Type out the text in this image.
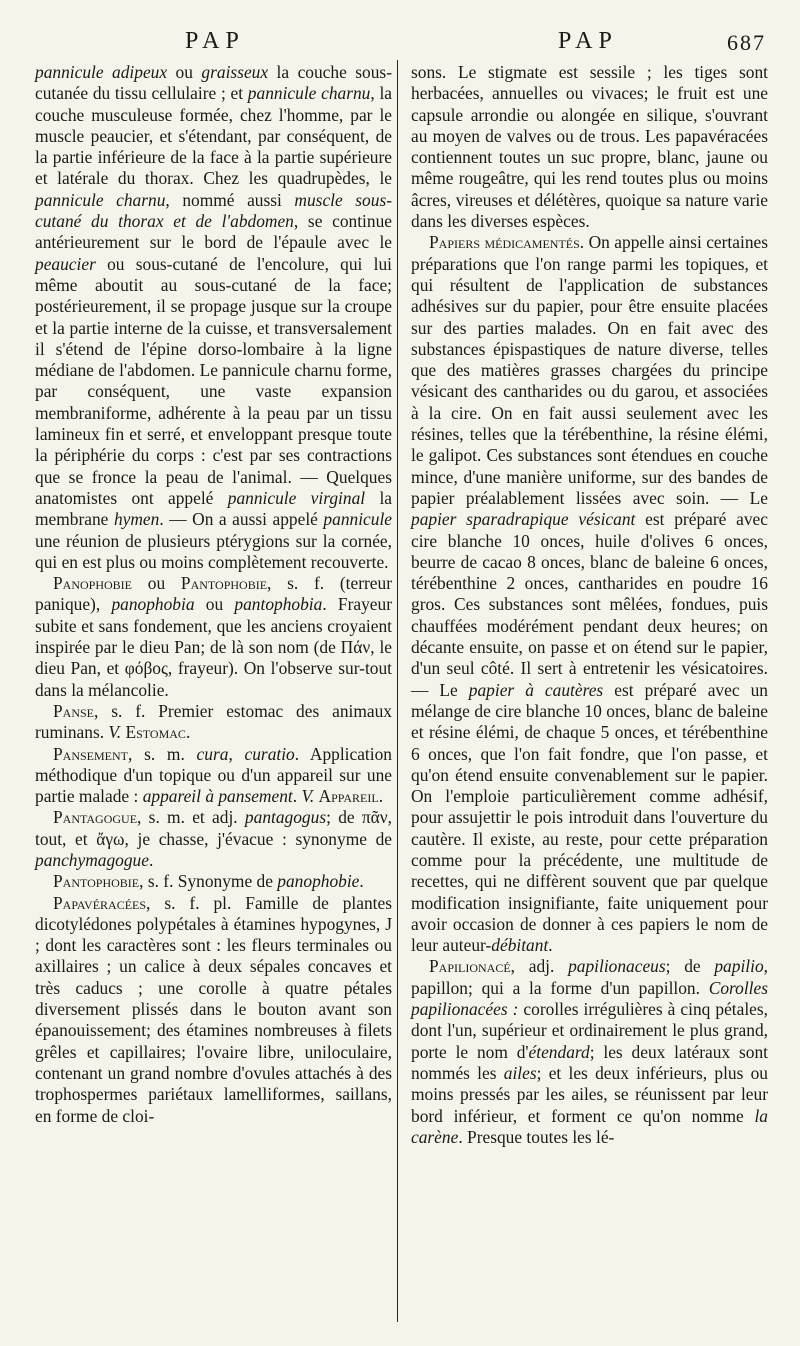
PAP	PAP	687

pannicule adipeux ou graisseux la couche sous-cutanée du tissu cellulaire ; et pannicule charnu, la couche musculeuse formée, chez l'homme, par le muscle peaucier, et s'étendant, par conséquent, de la partie inférieure de la face à la partie supérieure et latérale du thorax. Chez les quadrupèdes, le pannicule charnu, nommé aussi muscle sous-cutané du thorax et de l'abdomen, se continue antérieurement sur le bord de l'épaule avec le peaucier ou sous-cutané de l'encolure, qui lui même aboutit au sous-cutané de la face; postérieurement, il se propage jusque sur la croupe et la partie interne de la cuisse, et transversalement il s'étend de l'épine dorso-lombaire à la ligne médiane de l'abdomen. Le pannicule charnu forme, par conséquent, une vaste expansion membraniforme, adhérente à la peau par un tissu lamineux fin et serré, et enveloppant presque toute la périphérie du corps : c'est par ses contractions que se fronce la peau de l'animal. — Quelques anatomistes ont appelé pannicule virginal la membrane hymen. — On a aussi appelé pannicule une réunion de plusieurs ptérygions sur la cornée, qui en est plus ou moins complètement recouverte.

Panophobie ou Pantophobie, s. f. (terreur panique), panophobia ou pantophobia. Frayeur subite et sans fondement, que les anciens croyaient inspirée par le dieu Pan; de là son nom (de Πάν, le dieu Pan, et φόβος, frayeur). On l'observe sur-tout dans la mélancolie.

Panse, s. f. Premier estomac des animaux ruminans. V. Estomac.

Pansement, s. m. cura, curatio. Application méthodique d'un topique ou d'un appareil sur une partie malade : appareil à pansement. V. Appareil.

Pantagogue, s. m. et adj. pantagogus; de πᾶν, tout, et ἄγω, je chasse, j'évacue : synonyme de panchymagogue.

Pantophobie, s. f. Synonyme de panophobie.

Papavéracées, s. f. pl. Famille de plantes dicotylédones polypétales à étamines hypogynes, J ; dont les caractères sont : les fleurs terminales ou axillaires ; un calice à deux sépales concaves et très caducs ; une corolle à quatre pétales diversement plissés dans le bouton avant son épanouissement; des étamines nombreuses à filets grêles et capillaires; l'ovaire libre, uniloculaire, contenant un grand nombre d'ovules attachés à des trophospermes pariétaux lamelliformes, saillans, en forme de cloi-

sons. Le stigmate est sessile ; les tiges sont herbacées, annuelles ou vivaces; le fruit est une capsule arrondie ou alongée en silique, s'ouvrant au moyen de valves ou de trous. Les papavéracées contiennent toutes un suc propre, blanc, jaune ou même rougeâtre, qui les rend toutes plus ou moins âcres, vireuses et délétères, quoique sa nature varie dans les diverses espèces.

Papiers médicamentés. On appelle ainsi certaines préparations que l'on range parmi les topiques, et qui résultent de l'application de substances adhésives sur du papier, pour être ensuite placées sur des parties malades. On en fait avec des substances épispastiques de nature diverse, telles que des matières grasses chargées du principe vésicant des cantharides ou du garou, et associées à la cire. On en fait aussi seulement avec les résines, telles que la térébenthine, la résine élémi, le galipot. Ces substances sont étendues en couche mince, d'une manière uniforme, sur des bandes de papier préalablement lissées avec soin. — Le papier sparadrapique vésicant est préparé avec cire blanche 10 onces, huile d'olives 6 onces, beurre de cacao 8 onces, blanc de baleine 6 onces, térébenthine 2 onces, cantharides en poudre 16 gros. Ces substances sont mêlées, fondues, puis chauffées modérément pendant deux heures; on décante ensuite, on passe et on étend sur le papier, d'un seul côté. Il sert à entretenir les vésicatoires. — Le papier à cautères est préparé avec un mélange de cire blanche 10 onces, blanc de baleine et résine élémi, de chaque 5 onces, et térébenthine 6 onces, que l'on fait fondre, que l'on passe, et qu'on étend ensuite convenablement sur le papier. On l'emploie particulièrement comme adhésif, pour assujettir le pois introduit dans l'ouverture du cautère. Il existe, au reste, pour cette préparation comme pour la précédente, une multitude de recettes, qui ne diffèrent souvent que par quelque modification insignifiante, faite uniquement pour avoir occasion de donner à ces papiers le nom de leur auteur-débitant.

Papilionacé, adj. papilionaceus; de papilio, papillon; qui a la forme d'un papillon. Corolles papilionacées : corolles irrégulières à cinq pétales, dont l'un, supérieur et ordinairement le plus grand, porte le nom d'étendard; les deux latéraux sont nommés les ailes; et les deux inférieurs, plus ou moins pressés par les ailes, se réunissent par leur bord inférieur, et forment ce qu'on nomme la carène. Presque toutes les lé-
